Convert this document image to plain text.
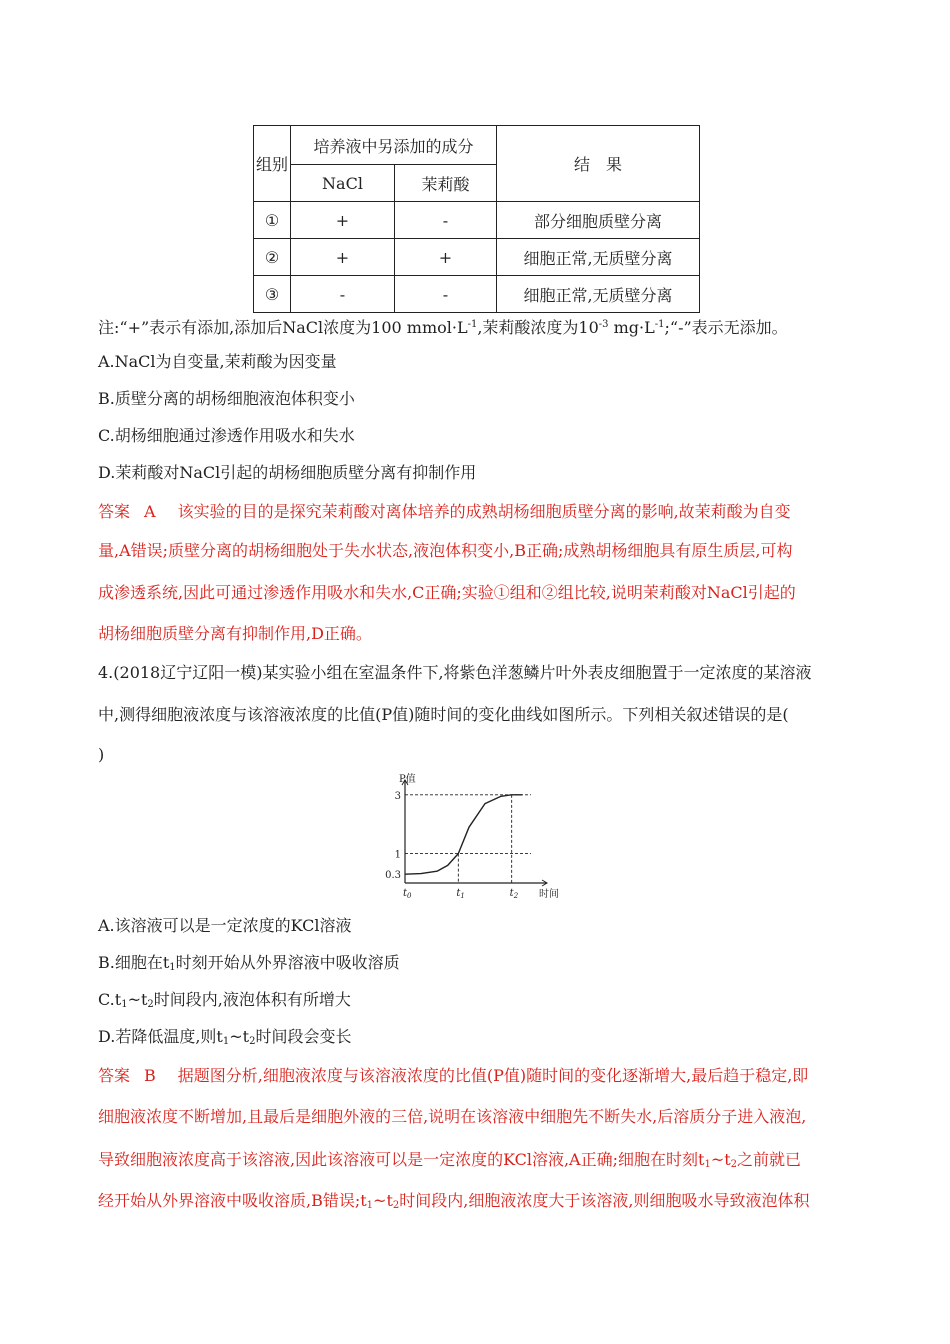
组别	培养液中另添加的成分		结　果
	NaCl	茉莉酸	
①	+	-	部分细胞质壁分离
②	+	+	细胞正常,无质壁分离
③	-	-	细胞正常,无质壁分离
注:“+”表示有添加,添加后NaCl浓度为100 $mmol\cdot L^{-1}$,茉莉酸浓度为$10^{-3}$ $mg\cdot L^{-1};“-$”表示无添加。
A.NaCl为自变量,茉莉酸为因变量
B.质壁分离的胡杨细胞液泡体积变小
C.胡杨细胞通过渗透作用吸水和失水
D.茉莉酸对NaCl引起的胡杨细胞质壁分离有抑制作用
答案 A 该实验的目的是探究茉莉酸对离体培养的成熟胡杨细胞质壁分离的影响,故茉莉酸为自变
量,A错误;质壁分离的胡杨细胞处于失水状态,液泡体积变小,B正确;成熟胡杨细胞具有原生质层,可构
成渗透系统,因此可通过渗透作用吸水和失水,C正确;实验①组和②组比较,说明茉莉酸对NaCl引起的
胡杨细胞质壁分离有抑制作用,D正确。
4.(2018辽宁辽阳一模)某实验小组在室温条件下,将紫色洋葱鳞片叶外表皮细胞置于一定浓度的某溶液
中,测得细胞液浓度与该溶液浓度的比值(P值)随时间的变化曲线如图所示。下列相关叙述错误的是(
)
3
1
0.3
$t_0$	$t_1$	$t_2$
P值
时间
A.该溶液可以是一定浓度的KCl溶液
B.细胞在$t_1$时刻开始从外界溶液中吸收溶质
$C.t_1\sim t_2$时间段内,液泡体积有所增大
D.若降低温度,则$t_1\sim t_2$时间段会变长
答案 B 据题图分析,细胞液浓度与该溶液浓度的比值(P值)随时间的变化逐渐增大,最后趋于稳定,即
细胞液浓度不断增加,且最后是细胞外液的三倍,说明在该溶液中细胞先不断失水,后溶质分子进入液泡,
导致细胞液浓度高于该溶液,因此该溶液可以是一定浓度的KCl溶液,A正确;细胞在时刻$t_1\sim t_2$之前就已
经开始从外界溶液中吸收溶质,B错误$;t_1\sim t_2$时间段内,细胞液浓度大于该溶液,则细胞吸水导致液泡体积
